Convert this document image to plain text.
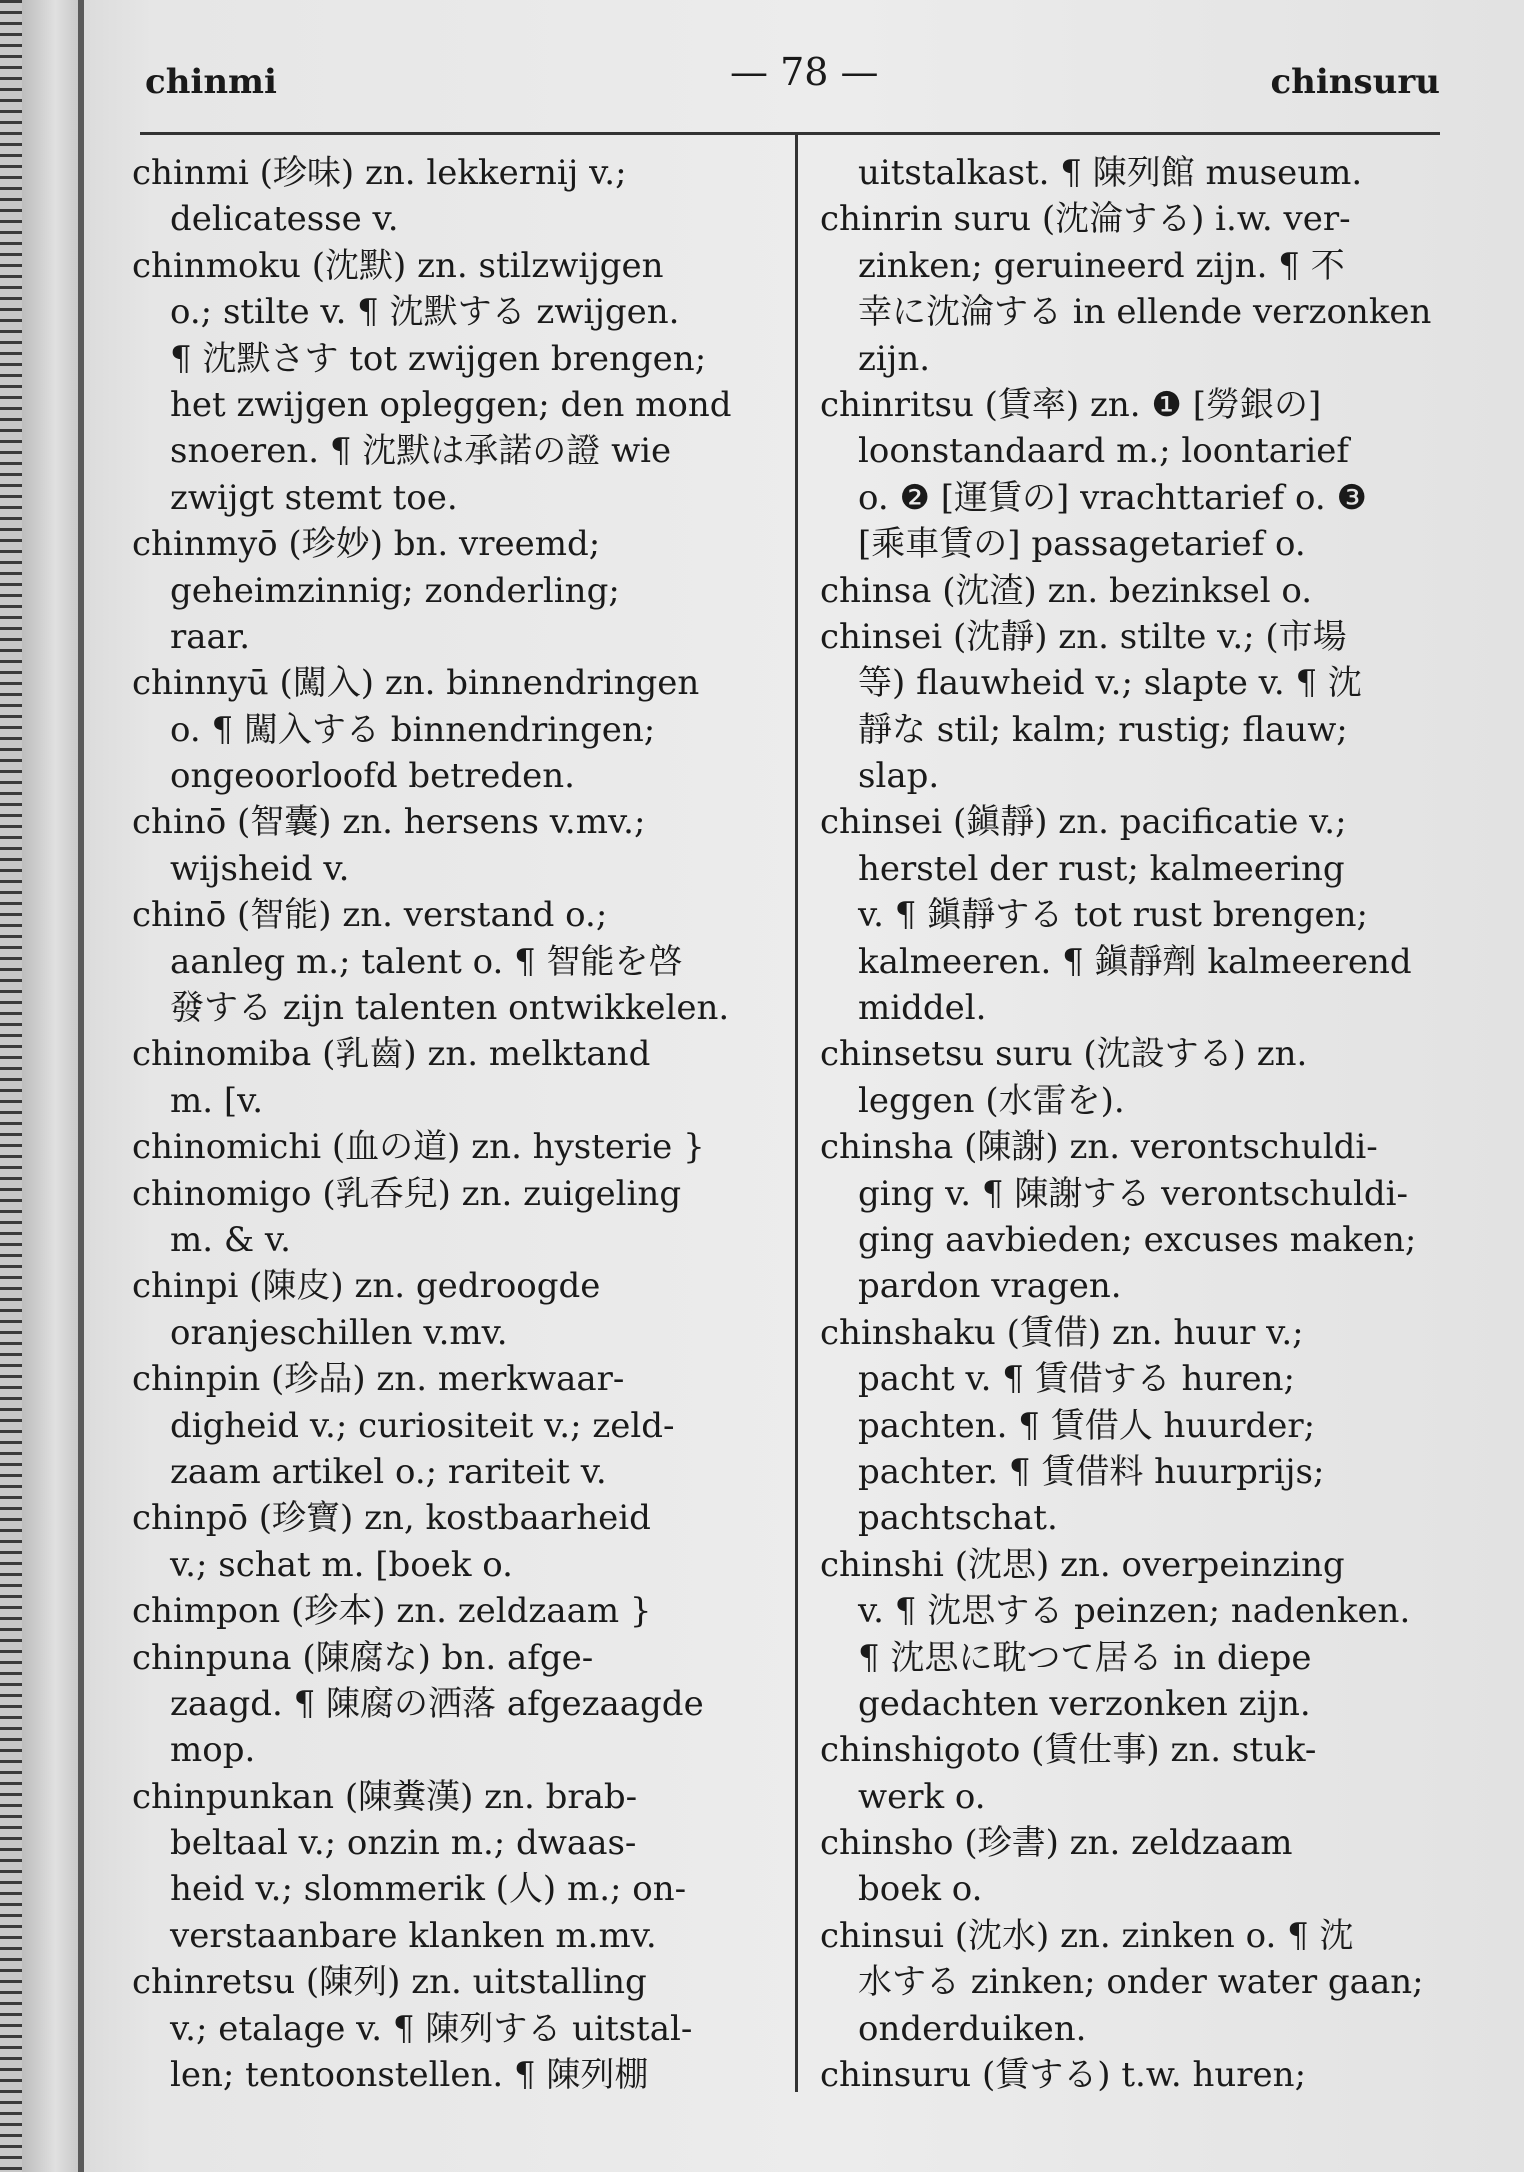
chinmi	— 78 —	chinsuru
chinmi (珍味) zn. lekkernij v.;
delicatesse v.
chinmoku (沈默) zn. stilzwijgen
o.; stilte v. ¶ 沈默する zwijgen.
¶ 沈默さす tot zwijgen brengen;
het zwijgen opleggen; den mond
snoeren. ¶ 沈默は承諾の證 wie
zwijgt stemt toe.
chinmyō (珍妙) bn. vreemd;
geheimzinnig; zonderling;
raar.
chinnyū (闖入) zn. binnendringen
o. ¶ 闖入する binnendringen;
ongeoorloofd betreden.
chinō (智囊) zn. hersens v.mv.;
wijsheid v.
chinō (智能) zn. verstand o.;
aanleg m.; talent o. ¶ 智能を啓
發する zijn talenten ontwikkelen.
chinomiba (乳齒) zn. melktand
m. [v.
chinomichi (血の道) zn. hysterie }
chinomigo (乳呑兒) zn. zuigeling
m. & v.
chinpi (陳皮) zn. gedroogde
oranjeschillen v.mv.
chinpin (珍品) zn. merkwaar-
digheid v.; curiositeit v.; zeld-
zaam artikel o.; rariteit v.
chinpō (珍寶) zn, kostbaarheid
v.; schat m. [boek o.
chimpon (珍本) zn. zeldzaam }
chinpuna (陳腐な) bn. afge-
zaagd. ¶ 陳腐の洒落 afgezaagde
mop.
chinpunkan (陳糞漢) zn. brab-
beltaal v.; onzin m.; dwaas-
heid v.; slommerik (人) m.; on-
verstaanbare klanken m.mv.
chinretsu (陳列) zn. uitstalling
v.; etalage v. ¶ 陳列する uitstal-
len; tentoonstellen. ¶ 陳列棚
uitstalkast. ¶ 陳列館 museum.
chinrin suru (沈淪する) i.w. ver-
zinken; geruineerd zijn. ¶ 不
幸に沈淪する in ellende verzonken
zijn.
chinritsu (賃率) zn. ❶ [勞銀の]
loonstandaard m.; loontarief
o. ❷ [運賃の] vrachttarief o. ❸
[乘車賃の] passagetarief o.
chinsa (沈渣) zn. bezinksel o.
chinsei (沈靜) zn. stilte v.; (市場
等) flauwheid v.; slapte v. ¶ 沈
靜な stil; kalm; rustig; flauw;
slap.
chinsei (鎭靜) zn. pacificatie v.;
herstel der rust; kalmeering
v. ¶ 鎭靜する tot rust brengen;
kalmeeren. ¶ 鎭靜劑 kalmeerend
middel.
chinsetsu suru (沈設する) zn.
leggen (水雷を).
chinsha (陳謝) zn. verontschuldi-
ging v. ¶ 陳謝する verontschuldi-
ging aavbieden; excuses maken;
pardon vragen.
chinshaku (賃借) zn. huur v.;
pacht v. ¶ 賃借する huren;
pachten. ¶ 賃借人 huurder;
pachter. ¶ 賃借料 huurprijs;
pachtschat.
chinshi (沈思) zn. overpeinzing
v. ¶ 沈思する peinzen; nadenken.
¶ 沈思に耽つて居る in diepe
gedachten verzonken zijn.
chinshigoto (賃仕事) zn. stuk-
werk o.
chinsho (珍書) zn. zeldzaam
boek o.
chinsui (沈水) zn. zinken o. ¶ 沈
水する zinken; onder water gaan;
onderduiken.
chinsuru (賃する) t.w. huren;
